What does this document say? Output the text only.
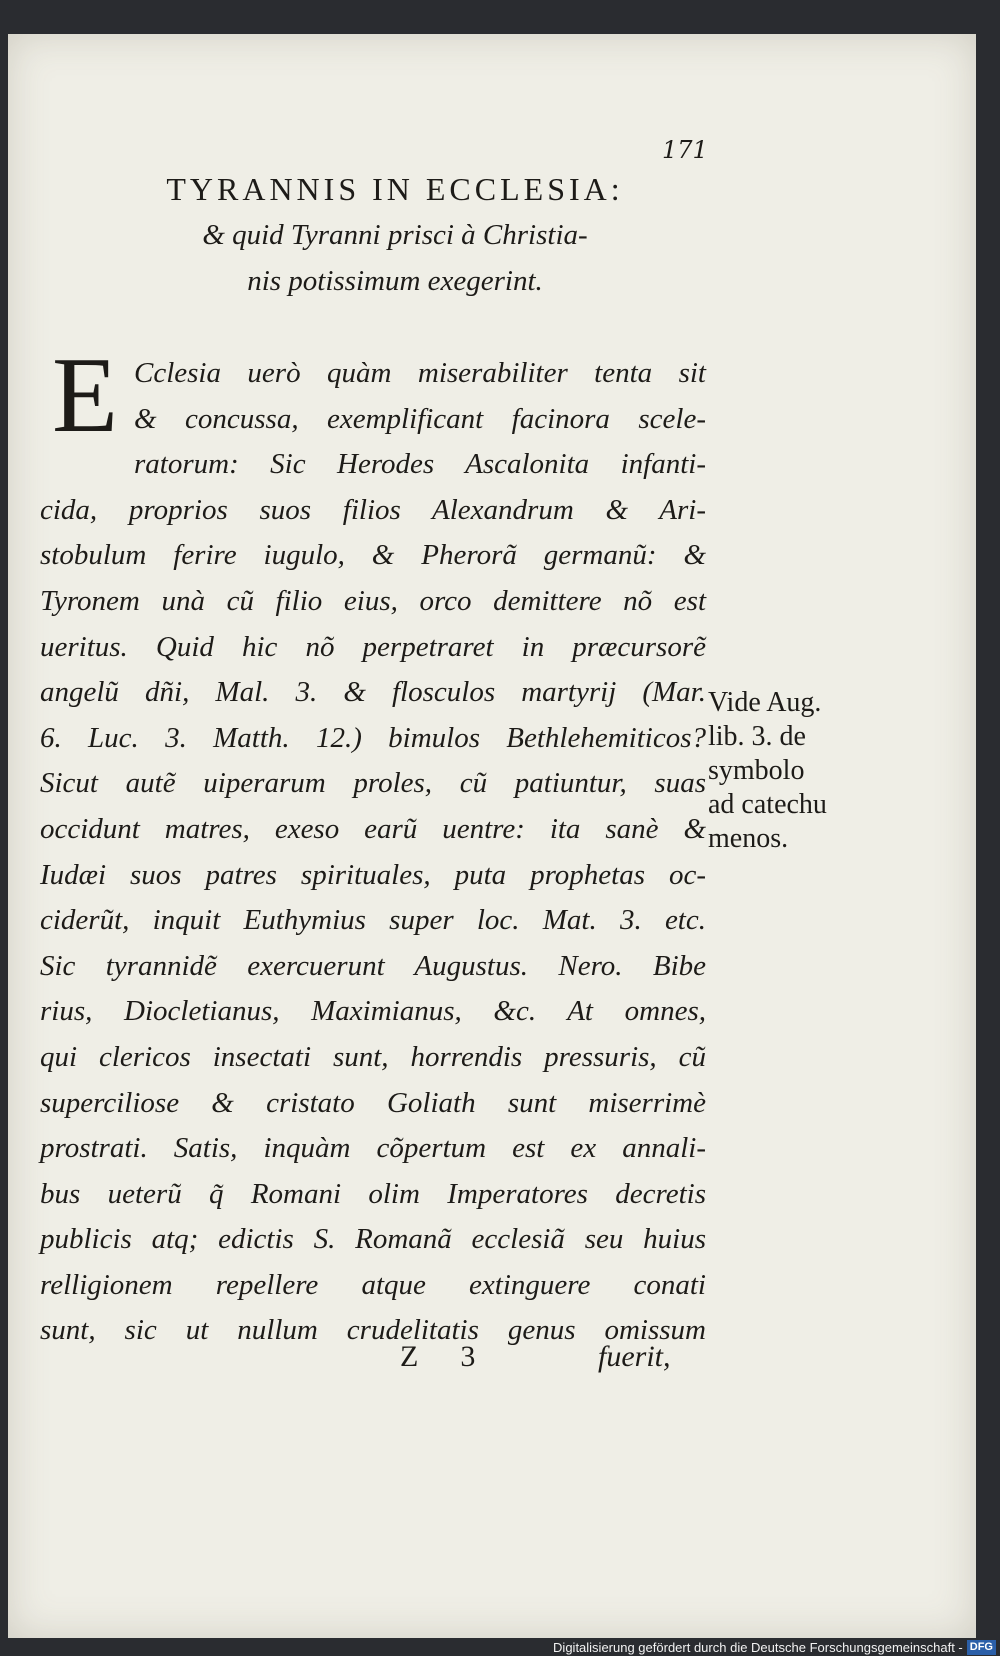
171
TYRANNIS IN ECCLESIA:
& quid Tyranni prisci à Christia-
nis potissimum exegerint.
E Cclesia uerò quàm miserabiliter tenta sit
& concussa, exemplificant facinora scele-
ratorum: Sic Herodes Ascalonita infanti-
cida, proprios suos filios Alexandrum & Ari-
stobulum ferire iugulo, & Pherorã germanũ: &
Tyronem unà cũ filio eius, orco demittere nõ est
ueritus. Quid hic nõ perpetraret in præcursorẽ
angelũ dñi, Mal. 3. & flosculos martyrij (Mar.
6. Luc. 3. Matth. 12.) bimulos Bethlehemiticos?
Sicut autẽ uiperarum proles, cũ patiuntur, suas
occidunt matres, exeso earũ uentre: ita sanè &
Iudæi suos patres spirituales, puta prophetas oc-
ciderũt, inquit Euthymius super loc. Mat. 3. etc.
Sic tyrannidẽ exercuerunt Augustus. Nero. Bibe
rius, Diocletianus, Maximianus, &c. At omnes,
qui clericos insectati sunt, horrendis pressuris, cũ
superciliose & cristato Goliath sunt miserrimè
prostrati. Satis, inquàm cõpertum est ex annali-
bus ueterũ q̃ Romani olim Imperatores decretis
publicis atq; edictis S. Romanã ecclesiã seu huius
relligionem repellere atque extinguere conati
sunt, sic ut nullum crudelitatis genus omissum
Vide Aug.
lib. 3. de
symbolo
ad catechu
menos.
Z 3	fuerit,
Digitalisierung gefördert durch die Deutsche Forschungsgemeinschaft - DFG
